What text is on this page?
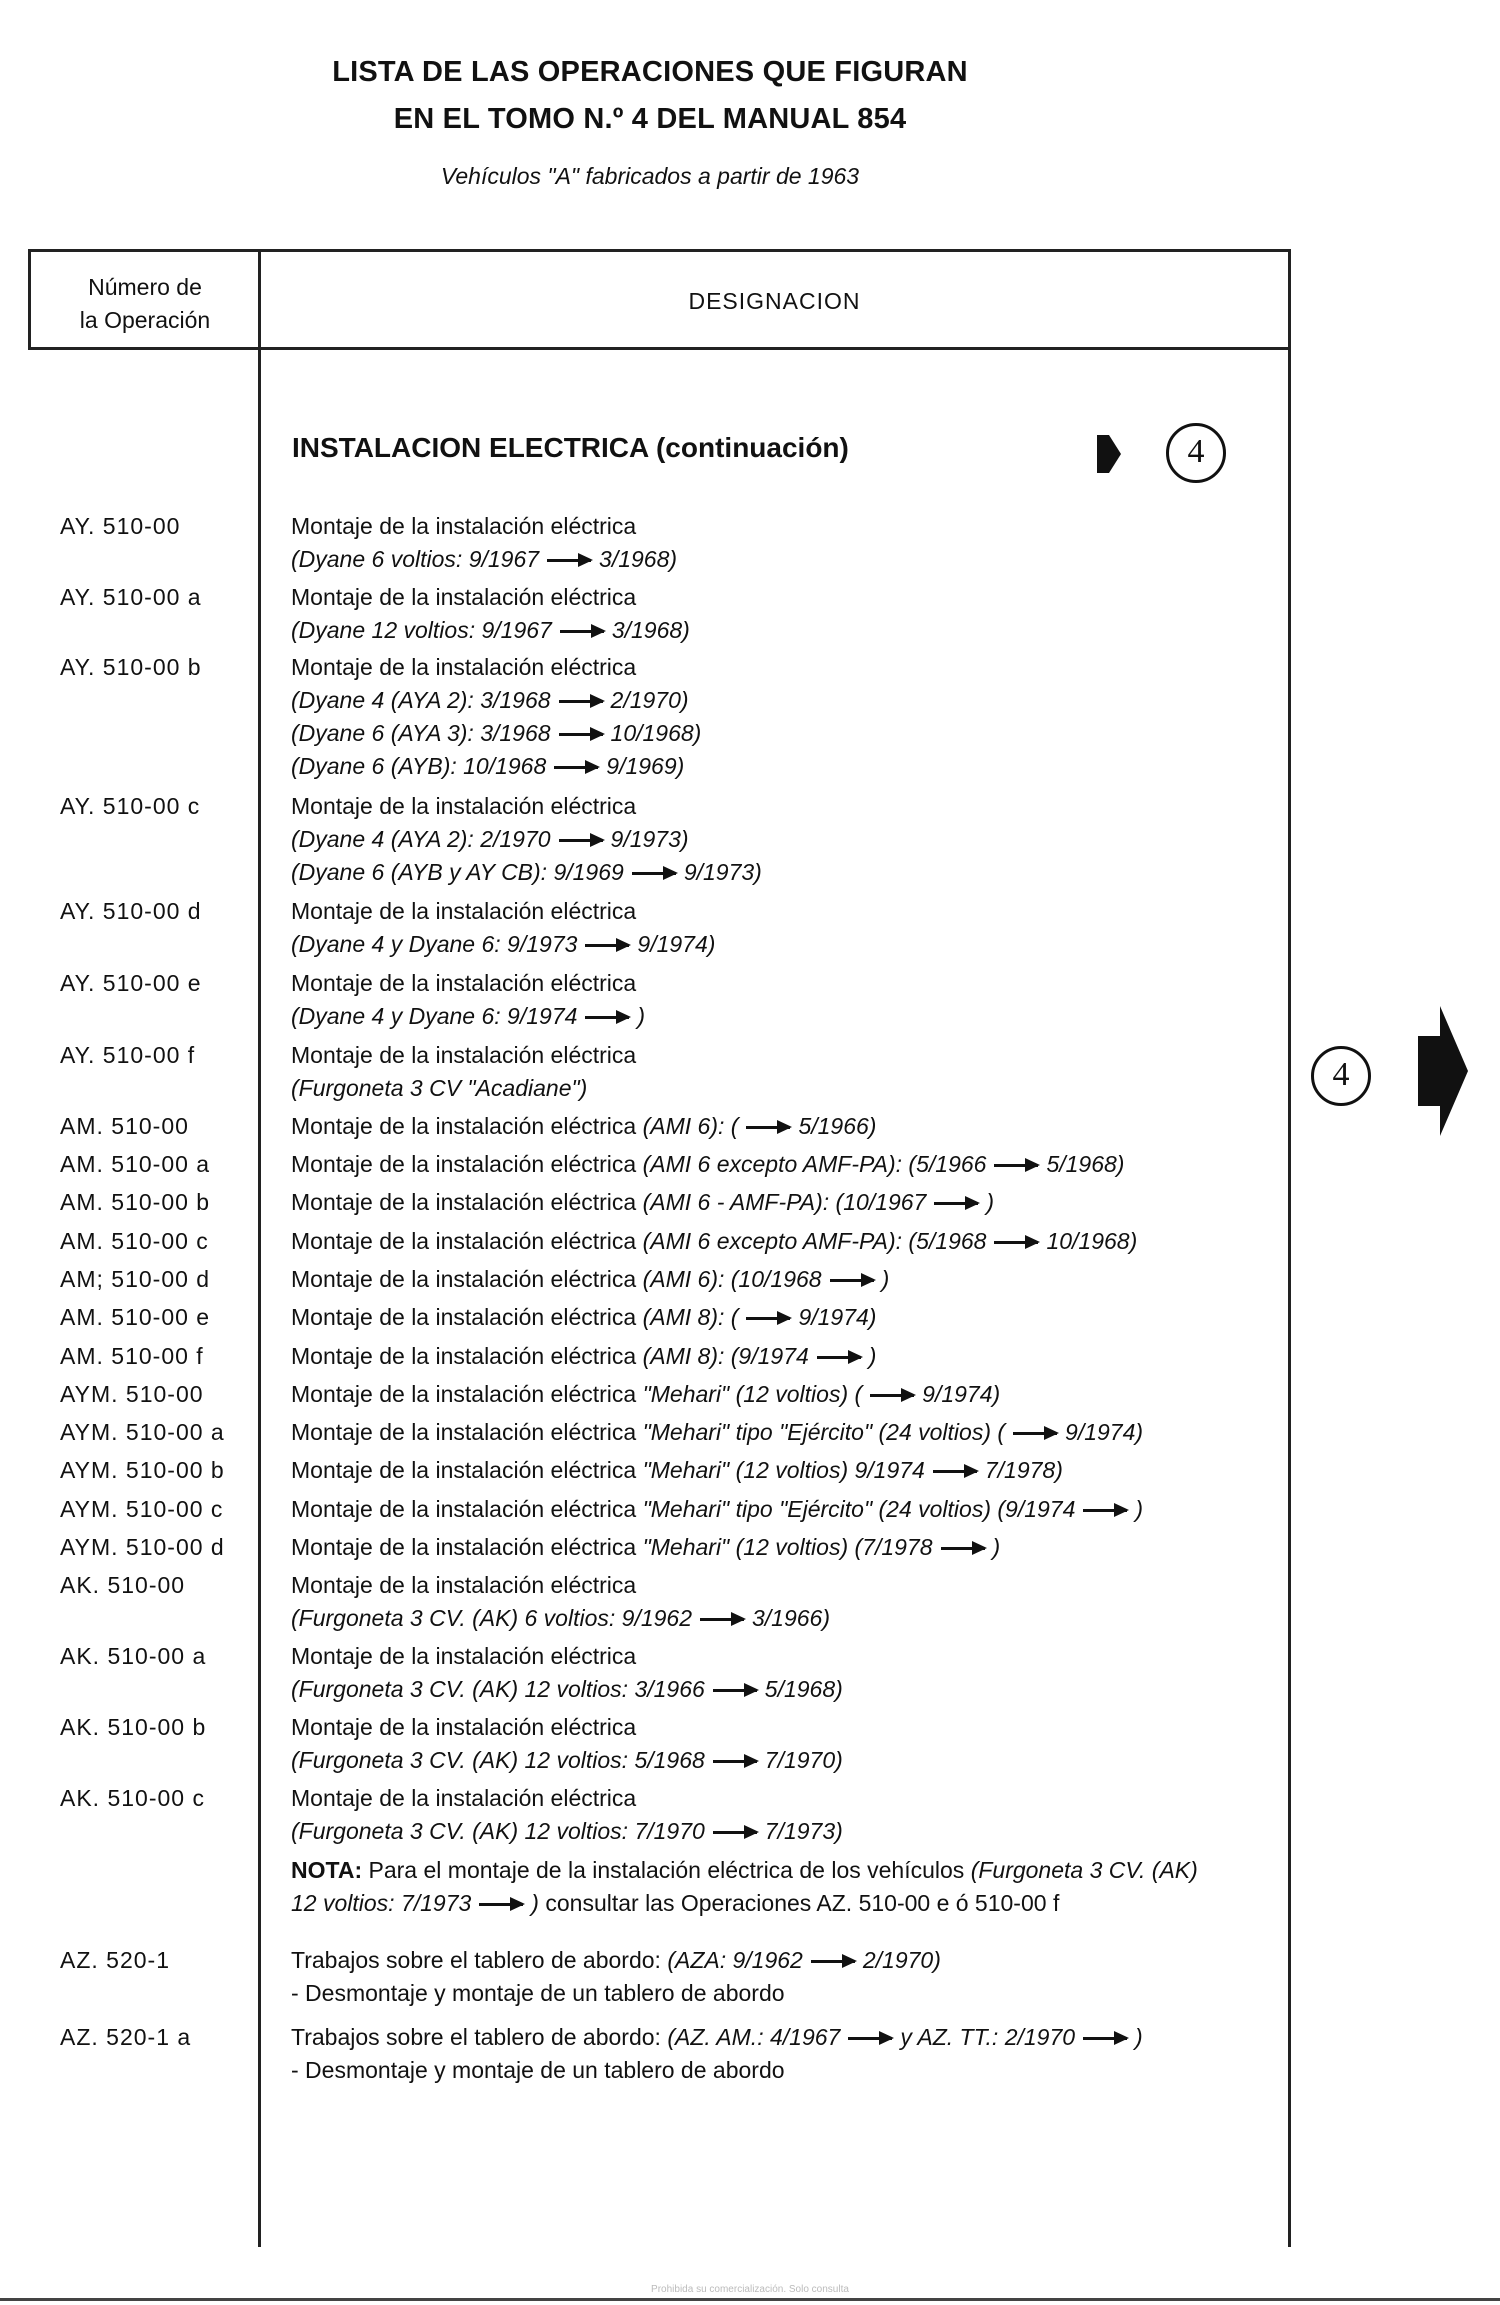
LISTA DE LAS OPERACIONES QUE FIGURAN
EN EL TOMO N.º 4 DEL MANUAL 854
Vehículos "A" fabricados a partir de 1963
Número de
la Operación
DESIGNACION
INSTALACION ELECTRICA (continuación)	4
4
AY. 510-00	Montaje de la instalación eléctrica
(Dyane 6 voltios: 9/1967	3/1968)
AY. 510-00 a	Montaje de la instalación eléctrica
(Dyane 12 voltios: 9/1967	3/1968)
AY. 510-00 b	Montaje de la instalación eléctrica
(Dyane 4 (AYA 2): 3/1968	2/1970)
(Dyane 6 (AYA 3): 3/1968	10/1968)
(Dyane 6 (AYB): 10/1968	9/1969)
AY. 510-00 c	Montaje de la instalación eléctrica
(Dyane 4 (AYA 2): 2/1970	9/1973)
(Dyane 6 (AYB y AY CB): 9/1969	9/1973)
AY. 510-00 d	Montaje de la instalación eléctrica
(Dyane 4 y Dyane 6: 9/1973	9/1974)
AY. 510-00 e	Montaje de la instalación eléctrica
(Dyane 4 y Dyane 6: 9/1974	)
AY. 510-00 f	Montaje de la instalación eléctrica
(Furgoneta 3 CV "Acadiane")
AM. 510-00	Montaje de la instalación eléctrica (AMI 6): (	5/1966)
AM. 510-00 a	Montaje de la instalación eléctrica (AMI 6 excepto AMF-PA): (5/1966	5/1968)
AM. 510-00 b	Montaje de la instalación eléctrica (AMI 6 - AMF-PA): (10/1967	)
AM. 510-00 c	Montaje de la instalación eléctrica (AMI 6 excepto AMF-PA): (5/1968	10/1968)
AM; 510-00 d	Montaje de la instalación eléctrica (AMI 6): (10/1968	)
AM. 510-00 e	Montaje de la instalación eléctrica (AMI 8): (	9/1974)
AM. 510-00 f	Montaje de la instalación eléctrica (AMI 8): (9/1974	)
AYM. 510-00	Montaje de la instalación eléctrica "Mehari" (12 voltios) (	9/1974)
AYM. 510-00 a	Montaje de la instalación eléctrica "Mehari" tipo "Ejército" (24 voltios) (	9/1974)
AYM. 510-00 b	Montaje de la instalación eléctrica "Mehari" (12 voltios) 9/1974	7/1978)
AYM. 510-00 c	Montaje de la instalación eléctrica "Mehari" tipo "Ejército" (24 voltios) (9/1974	)
AYM. 510-00 d	Montaje de la instalación eléctrica "Mehari" (12 voltios) (7/1978	)
AK. 510-00	Montaje de la instalación eléctrica
(Furgoneta 3 CV. (AK) 6 voltios: 9/1962	3/1966)
AK. 510-00 a	Montaje de la instalación eléctrica
(Furgoneta 3 CV. (AK) 12 voltios: 3/1966	5/1968)
AK. 510-00 b	Montaje de la instalación eléctrica
(Furgoneta 3 CV. (AK) 12 voltios: 5/1968	7/1970)
AK. 510-00 c	Montaje de la instalación eléctrica
(Furgoneta 3 CV. (AK) 12 voltios: 7/1970	7/1973)
NOTA: Para el montaje de la instalación eléctrica de los vehículos (Furgoneta 3 CV. (AK)
12 voltios: 7/1973	) consultar las Operaciones AZ. 510-00 e ó 510-00 f
AZ. 520-1	Trabajos sobre el tablero de abordo: (AZA: 9/1962	2/1970)
- Desmontaje y montaje de un tablero de abordo
AZ. 520-1 a	Trabajos sobre el tablero de abordo: (AZ. AM.: 4/1967	y AZ. TT.: 2/1970	)
- Desmontaje y montaje de un tablero de abordo
Prohibida su comercialización. Solo consulta
